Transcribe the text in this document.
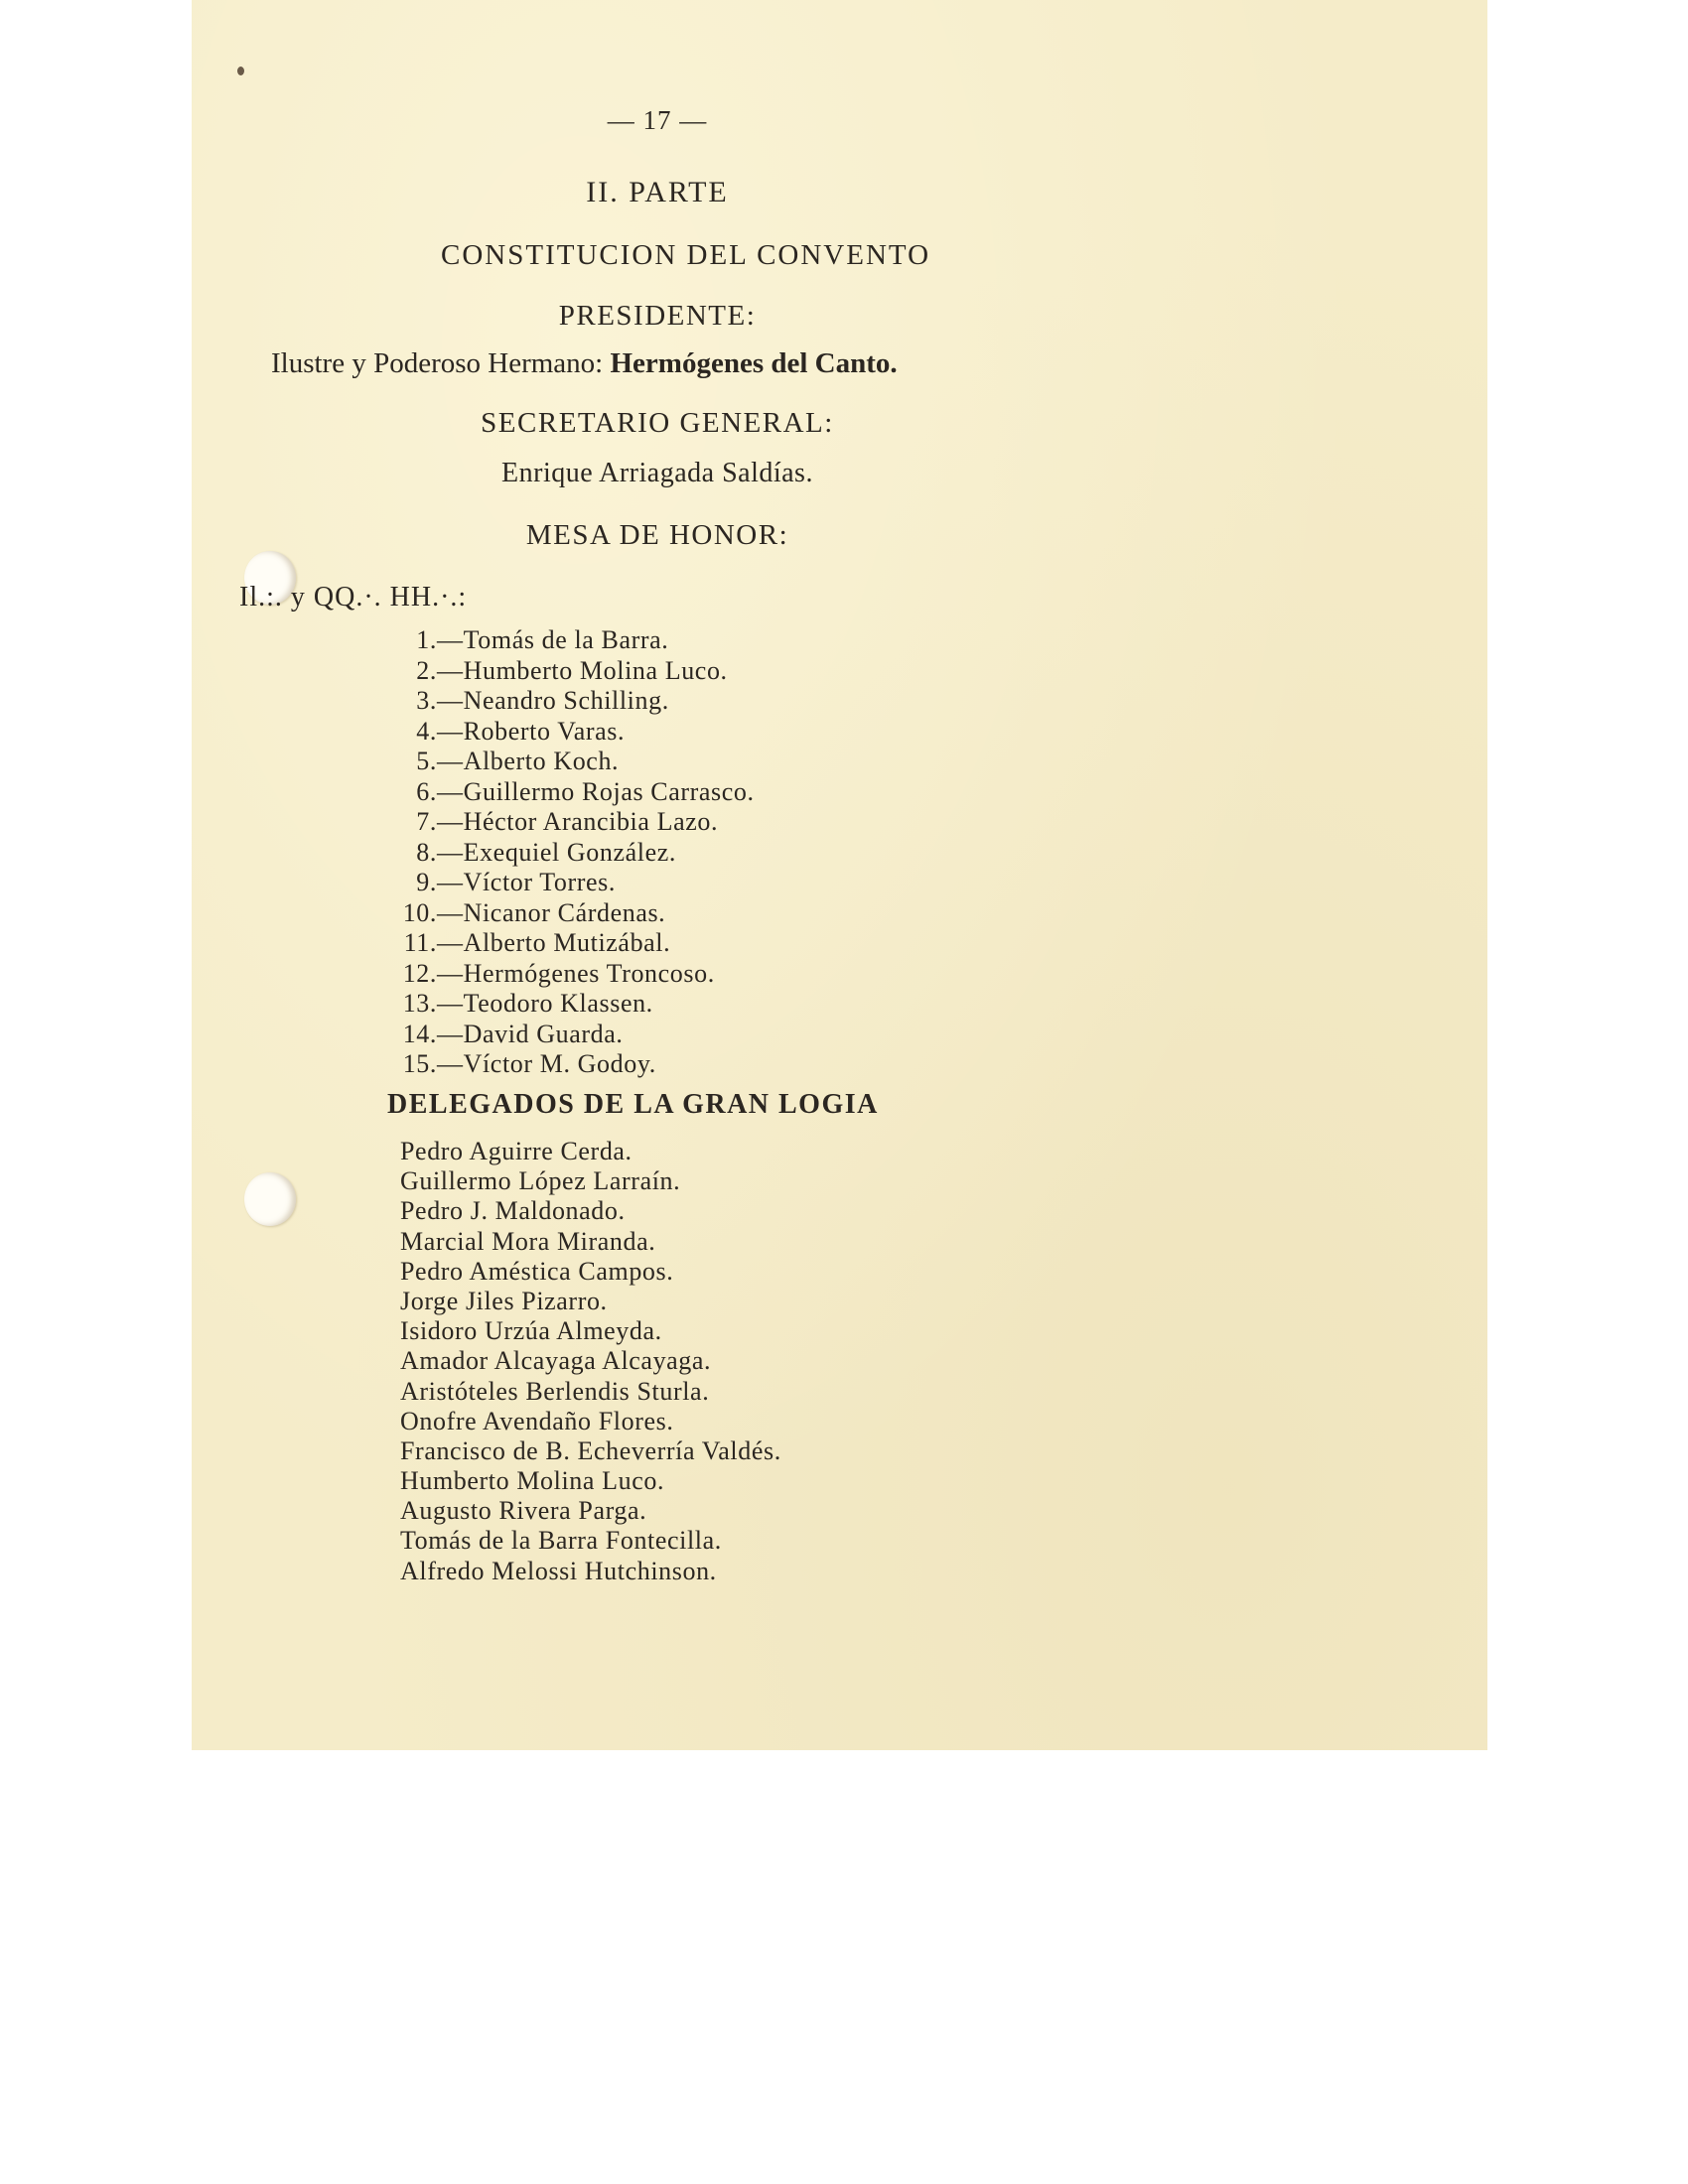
— 17 —
II. PARTE
CONSTITUCION DEL CONVENTO
PRESIDENTE:
Ilustre y Poderoso Hermano: Hermógenes del Canto.
SECRETARIO GENERAL:
Enrique Arriagada Saldías.
MESA DE HONOR:
Il.:. y QQ.·. HH.·.:
1. —Tomás de la Barra.
2. —Humberto Molina Luco.
3. —Neandro Schilling.
4. —Roberto Varas.
5. —Alberto Koch.
6. —Guillermo Rojas Carrasco.
7. —Héctor Arancibia Lazo.
8. —Exequiel González.
9. —Víctor Torres.
10. —Nicanor Cárdenas.
11. —Alberto Mutizábal.
12. —Hermógenes Troncoso.
13. —Teodoro Klassen.
14. —David Guarda.
15. —Víctor M. Godoy.
DELEGADOS DE LA GRAN LOGIA
Pedro Aguirre Cerda.
Guillermo López Larraín.
Pedro J. Maldonado.
Marcial Mora Miranda.
Pedro Améstica Campos.
Jorge Jiles Pizarro.
Isidoro Urzúa Almeyda.
Amador Alcayaga Alcayaga.
Aristóteles Berlendis Sturla.
Onofre Avendaño Flores.
Francisco de B. Echeverría Valdés.
Humberto Molina Luco.
Augusto Rivera Parga.
Tomás de la Barra Fontecilla.
Alfredo Melossi Hutchinson.
